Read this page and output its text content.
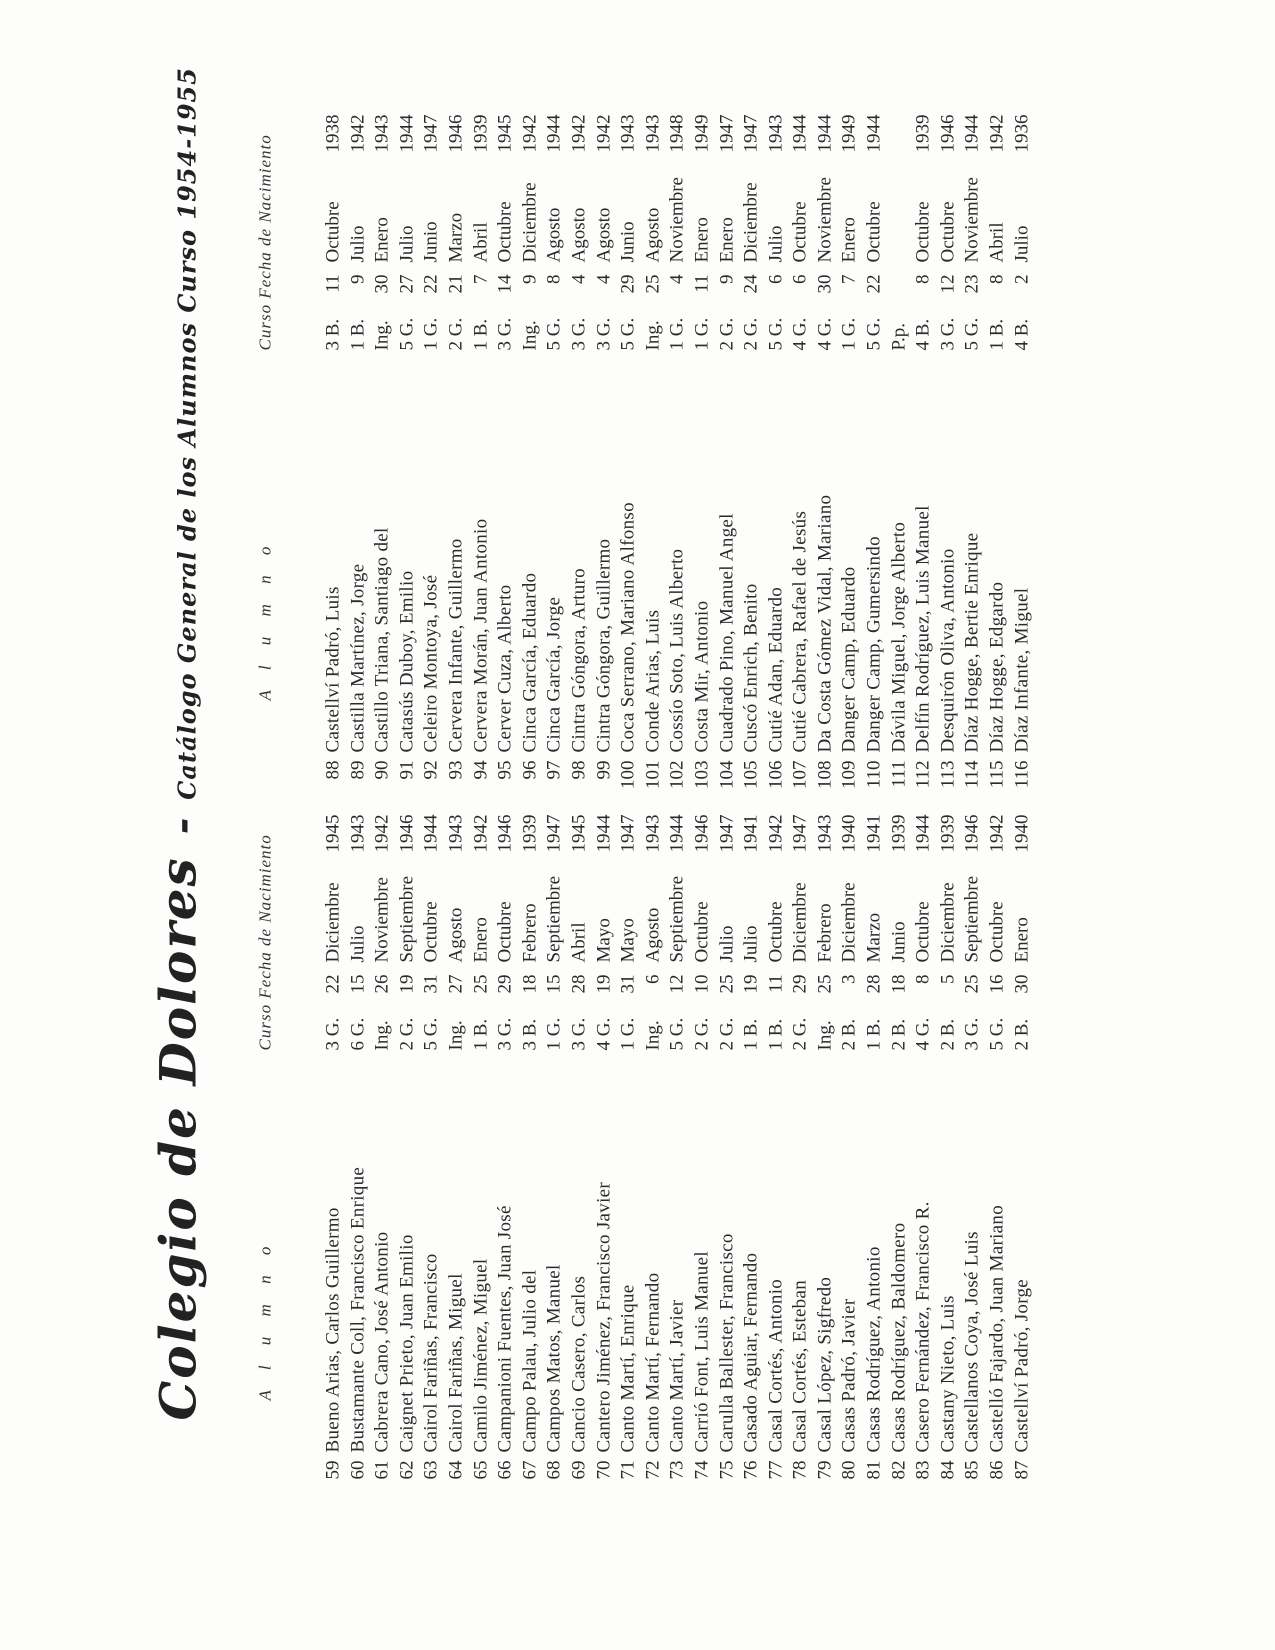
Colegio de Dolores-Catálogo General de los Alumnos Curso 1954-1955
A l u m n o
Curso Fecha de Nacimiento
59
Bueno Arias, Carlos Guillermo
3 G.
22
Diciembre
1945
60
Bustamante Coll, Francisco Enrique
6 G.
15
Julio
1943
61
Cabrera Cano, José Antonio
Ing.
26
Noviembre
1942
62
Caignet Prieto, Juan Emilio
2 G.
19
Septiembre
1946
63
Cairol Fariñas, Francisco
5 G.
31
Octubre
1944
64
Cairol Fariñas, Miguel
Ing.
27
Agosto
1943
65
Camilo Jiménez, Miguel
1 B.
25
Enero
1942
66
Campanioni Fuentes, Juan José
3 G.
29
Octubre
1946
67
Campo Palau, Julio del
3 B.
18
Febrero
1939
68
Campos Matos, Manuel
1 G.
15
Septiembre
1947
69
Cancio Casero, Carlos
3 G.
28
Abril
1945
70
Cantero Jiménez, Francisco Javier
4 G.
19
Mayo
1944
71
Canto Martí, Enrique
1 G.
31
Mayo
1947
72
Canto Martí, Fernando
Ing.
6
Agosto
1943
73
Canto Martí, Javier
5 G.
12
Septiembre
1944
74
Carrió Font, Luis Manuel
2 G.
10
Octubre
1946
75
Carulla Ballester, Francisco
2 G.
25
Julio
1947
76
Casado Aguiar, Fernando
1 B.
19
Julio
1941
77
Casal Cortés, Antonio
1 B.
11
Octubre
1942
78
Casal Cortés, Esteban
2 G.
29
Diciembre
1947
79
Casal López, Sigfredo
Ing.
25
Febrero
1943
80
Casas Padró, Javier
2 B.
3
Diciembre
1940
81
Casas Rodríguez, Antonio
1 B.
28
Marzo
1941
82
Casas Rodríguez, Baldomero
2 B.
18
Junio
1939
83
Casero Fernández, Francisco R.
4 G.
8
Octubre
1944
84
Castany Nieto, Luis
2 B.
5
Diciembre
1939
85
Castellanos Coya, José Luis
3 G.
25
Septiembre
1946
86
Castelló Fajardo, Juan Mariano
5 G.
16
Octubre
1942
87
Castellví Padró, Jorge
2 B.
30
Enero
1940
A l u m n o
Curso Fecha de Nacimiento
88
Castellví Padró, Luis
3 B.
11
Octubre
1938
89
Castilla Martínez, Jorge
1 B.
9
Julio
1942
90
Castillo Triana, Santiago del
Ing.
30
Enero
1943
91
Catasús Duboy, Emilio
5 G.
27
Julio
1944
92
Celeiro Montoya, José
1 G.
22
Junio
1947
93
Cervera Infante, Guillermo
2 G.
21
Marzo
1946
94
Cervera Morán, Juan Antonio
1 B.
7
Abril
1939
95
Cerver Cuza, Alberto
3 G.
14
Octubre
1945
96
Cinca García, Eduardo
Ing.
9
Diciembre
1942
97
Cinca García, Jorge
5 G.
8
Agosto
1944
98
Cintra Góngora, Arturo
3 G.
4
Agosto
1942
99
Cintra Góngora, Guillermo
3 G.
4
Agosto
1942
100
Coca Serrano, Mariano Alfonso
5 G.
29
Junio
1943
101
Conde Arias, Luis
Ing.
25
Agosto
1943
102
Cossío Soto, Luis Alberto
1 G.
4
Noviembre
1948
103
Costa Mir, Antonio
1 G.
11
Enero
1949
104
Cuadrado Pino, Manuel Angel
2 G.
9
Enero
1947
105
Cuscó Enrich, Benito
2 G.
24
Diciembre
1947
106
Cutié Adan, Eduardo
5 G.
6
Julio
1943
107
Cutié Cabrera, Rafael de Jesús
4 G.
6
Octubre
1944
108
Da Costa Gómez Vidal, Mariano
4 G.
30
Noviembre
1944
109
Danger Camp, Eduardo
1 G.
7
Enero
1949
110
Danger Camp, Gumersindo
5 G.
22
Octubre
1944
111
Dávila Miguel, Jorge Alberto
P.p.
112
Delfín Rodríguez, Luis Manuel
4 B.
8
Octubre
1939
113
Desquirón Oliva, Antonio
3 G.
12
Octubre
1946
114
Díaz Hogge, Bertie Enrique
5 G.
23
Noviembre
1944
115
Díaz Hogge, Edgardo
1 B.
8
Abril
1942
116
Díaz Infante, Miguel
4 B.
2
Julio
1936
